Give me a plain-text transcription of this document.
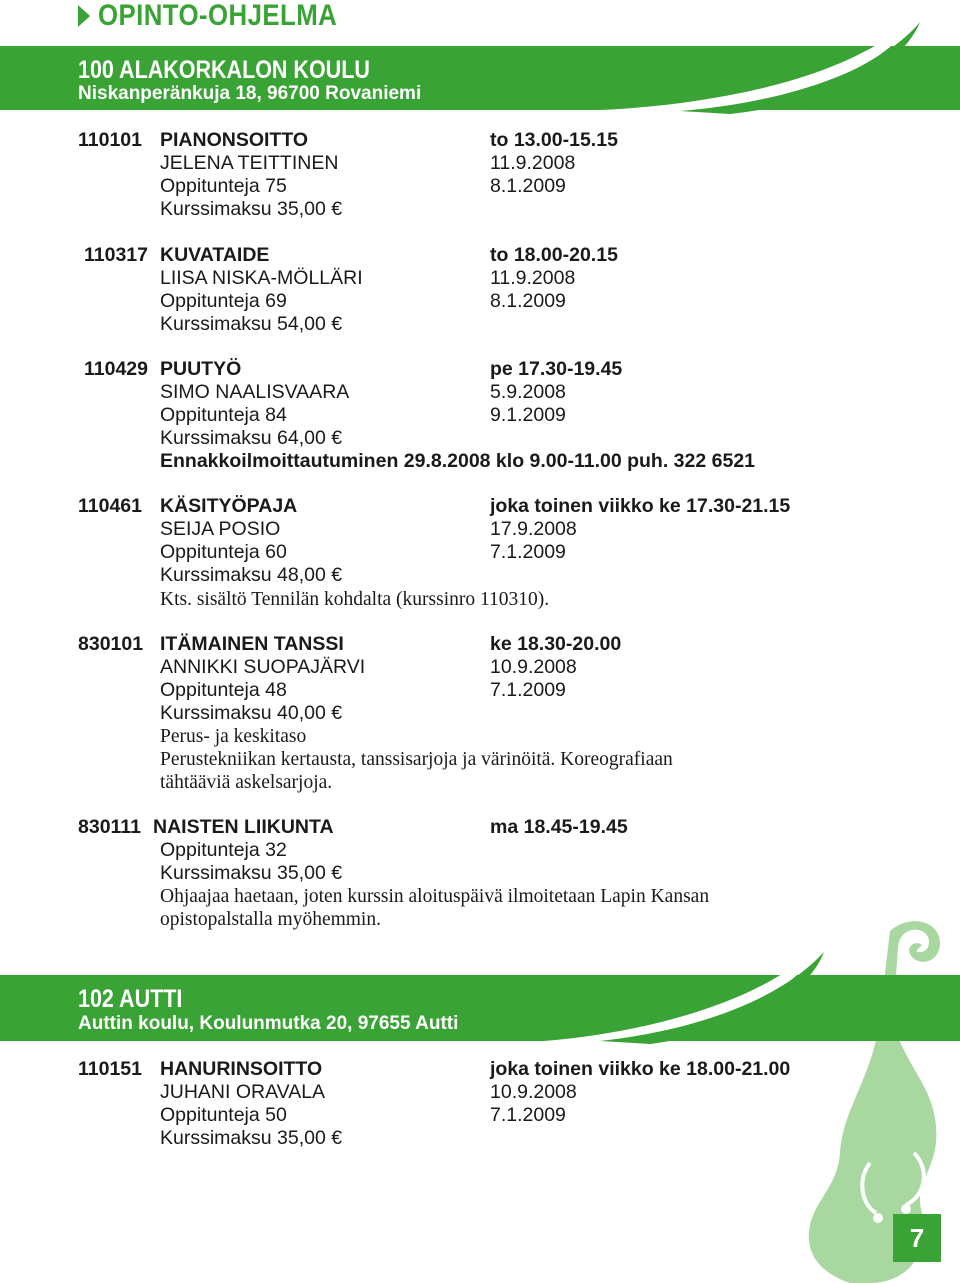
OPINTO-OHJELMA
100 ALAKORKALON KOULU
Niskanperänkuja 18, 96700 Rovaniemi
110101 PIANONSOITTO	to 13.00-15.15
JELENA TEITTINEN	11.9.2008
Oppitunteja 75	8.1.2009
Kurssimaksu 35,00 €
110317 KUVATAIDE	to 18.00-20.15
LIISA NISKA-MÖLLÄRI	11.9.2008
Oppitunteja 69	8.1.2009
Kurssimaksu 54,00 €
110429 PUUTYÖ	pe 17.30-19.45
SIMO NAALISVAARA	5.9.2008
Oppitunteja 84	9.1.2009
Kurssimaksu 64,00 €
Ennakkoilmoittautuminen 29.8.2008 klo 9.00-11.00 puh. 322 6521
110461 KÄSITYÖPAJA	joka toinen viikko ke 17.30-21.15
SEIJA POSIO	17.9.2008
Oppitunteja 60	7.1.2009
Kurssimaksu 48,00 €
Kts. sisältö Tennilän kohdalta (kurssinro 110310).
830101 ITÄMAINEN TANSSI	ke 18.30-20.00
ANNIKKI SUOPAJÄRVI	10.9.2008
Oppitunteja 48	7.1.2009
Kurssimaksu 40,00 €
Perus- ja keskitaso
Perustekniikan kertausta, tanssisarjoja ja värinöitä. Koreografiaan
tähtääviä askelsarjoja.
830111 NAISTEN LIIKUNTA	ma 18.45-19.45
Oppitunteja 32
Kurssimaksu 35,00 €
Ohjaajaa haetaan, joten kurssin aloituspäivä ilmoitetaan Lapin Kansan
opistopalstalla myöhemmin.
102 AUTTI
Auttin koulu, Koulunmutka 20, 97655 Autti
110151 HANURINSOITTO	joka toinen viikko ke 18.00-21.00
JUHANI ORAVALA	10.9.2008
Oppitunteja 50	7.1.2009
Kurssimaksu 35,00 €
7
